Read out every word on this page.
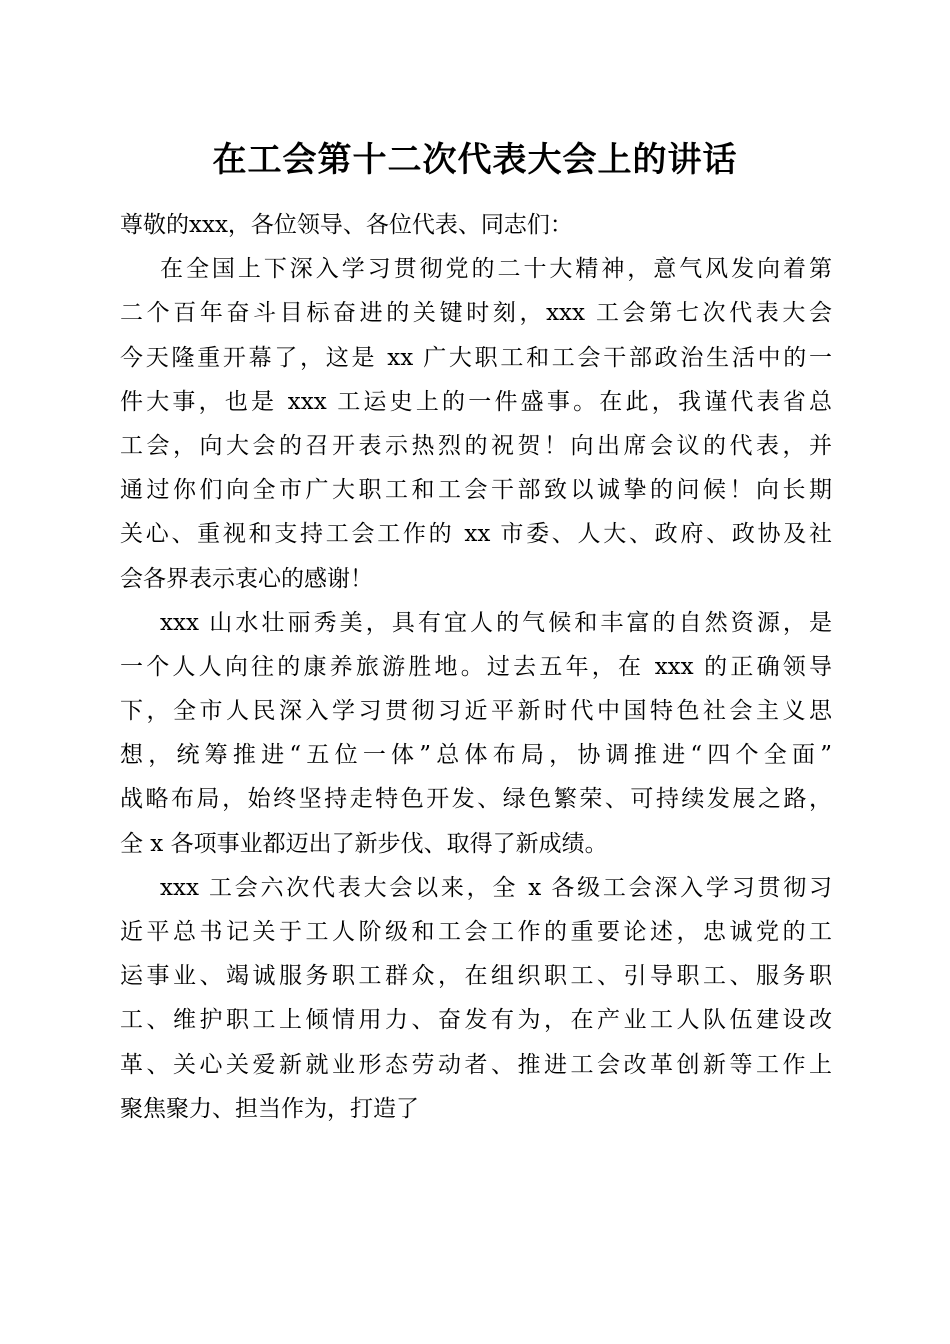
在工会第十二次代表大会上的讲话
尊敬的xxx，各位领导、各位代表、同志们：
在全国上下深入学习贯彻党的二十大精神，意气风发向着第
二个百年奋斗目标奋进的关键时刻，xxx 工会第七次代表大会
今天隆重开幕了，这是 xx 广大职工和工会干部政治生活中的一
件大事，也是 xxx 工运史上的一件盛事。在此，我谨代表省总
工会，向大会的召开表示热烈的祝贺！向出席会议的代表，并
通过你们向全市广大职工和工会干部致以诚挚的问候！向长期
关心、重视和支持工会工作的 xx 市委、人大、政府、政协及社
会各界表示衷心的感谢！
xxx 山水壮丽秀美，具有宜人的气候和丰富的自然资源，是
一个人人向往的康养旅游胜地。过去五年，在 xxx 的正确领导
下，全市人民深入学习贯彻习近平新时代中国特色社会主义思
想，统筹推进“五位一体”总体布局，协调推进“四个全面”
战略布局，始终坚持走特色开发、绿色繁荣、可持续发展之路，
全 x 各项事业都迈出了新步伐、取得了新成绩。
xxx 工会六次代表大会以来，全 x 各级工会深入学习贯彻习
近平总书记关于工人阶级和工会工作的重要论述，忠诚党的工
运事业、竭诚服务职工群众，在组织职工、引导职工、服务职
工、维护职工上倾情用力、奋发有为，在产业工人队伍建设改
革、关心关爱新就业形态劳动者、推进工会改革创新等工作上
聚焦聚力、担当作为，打造了
